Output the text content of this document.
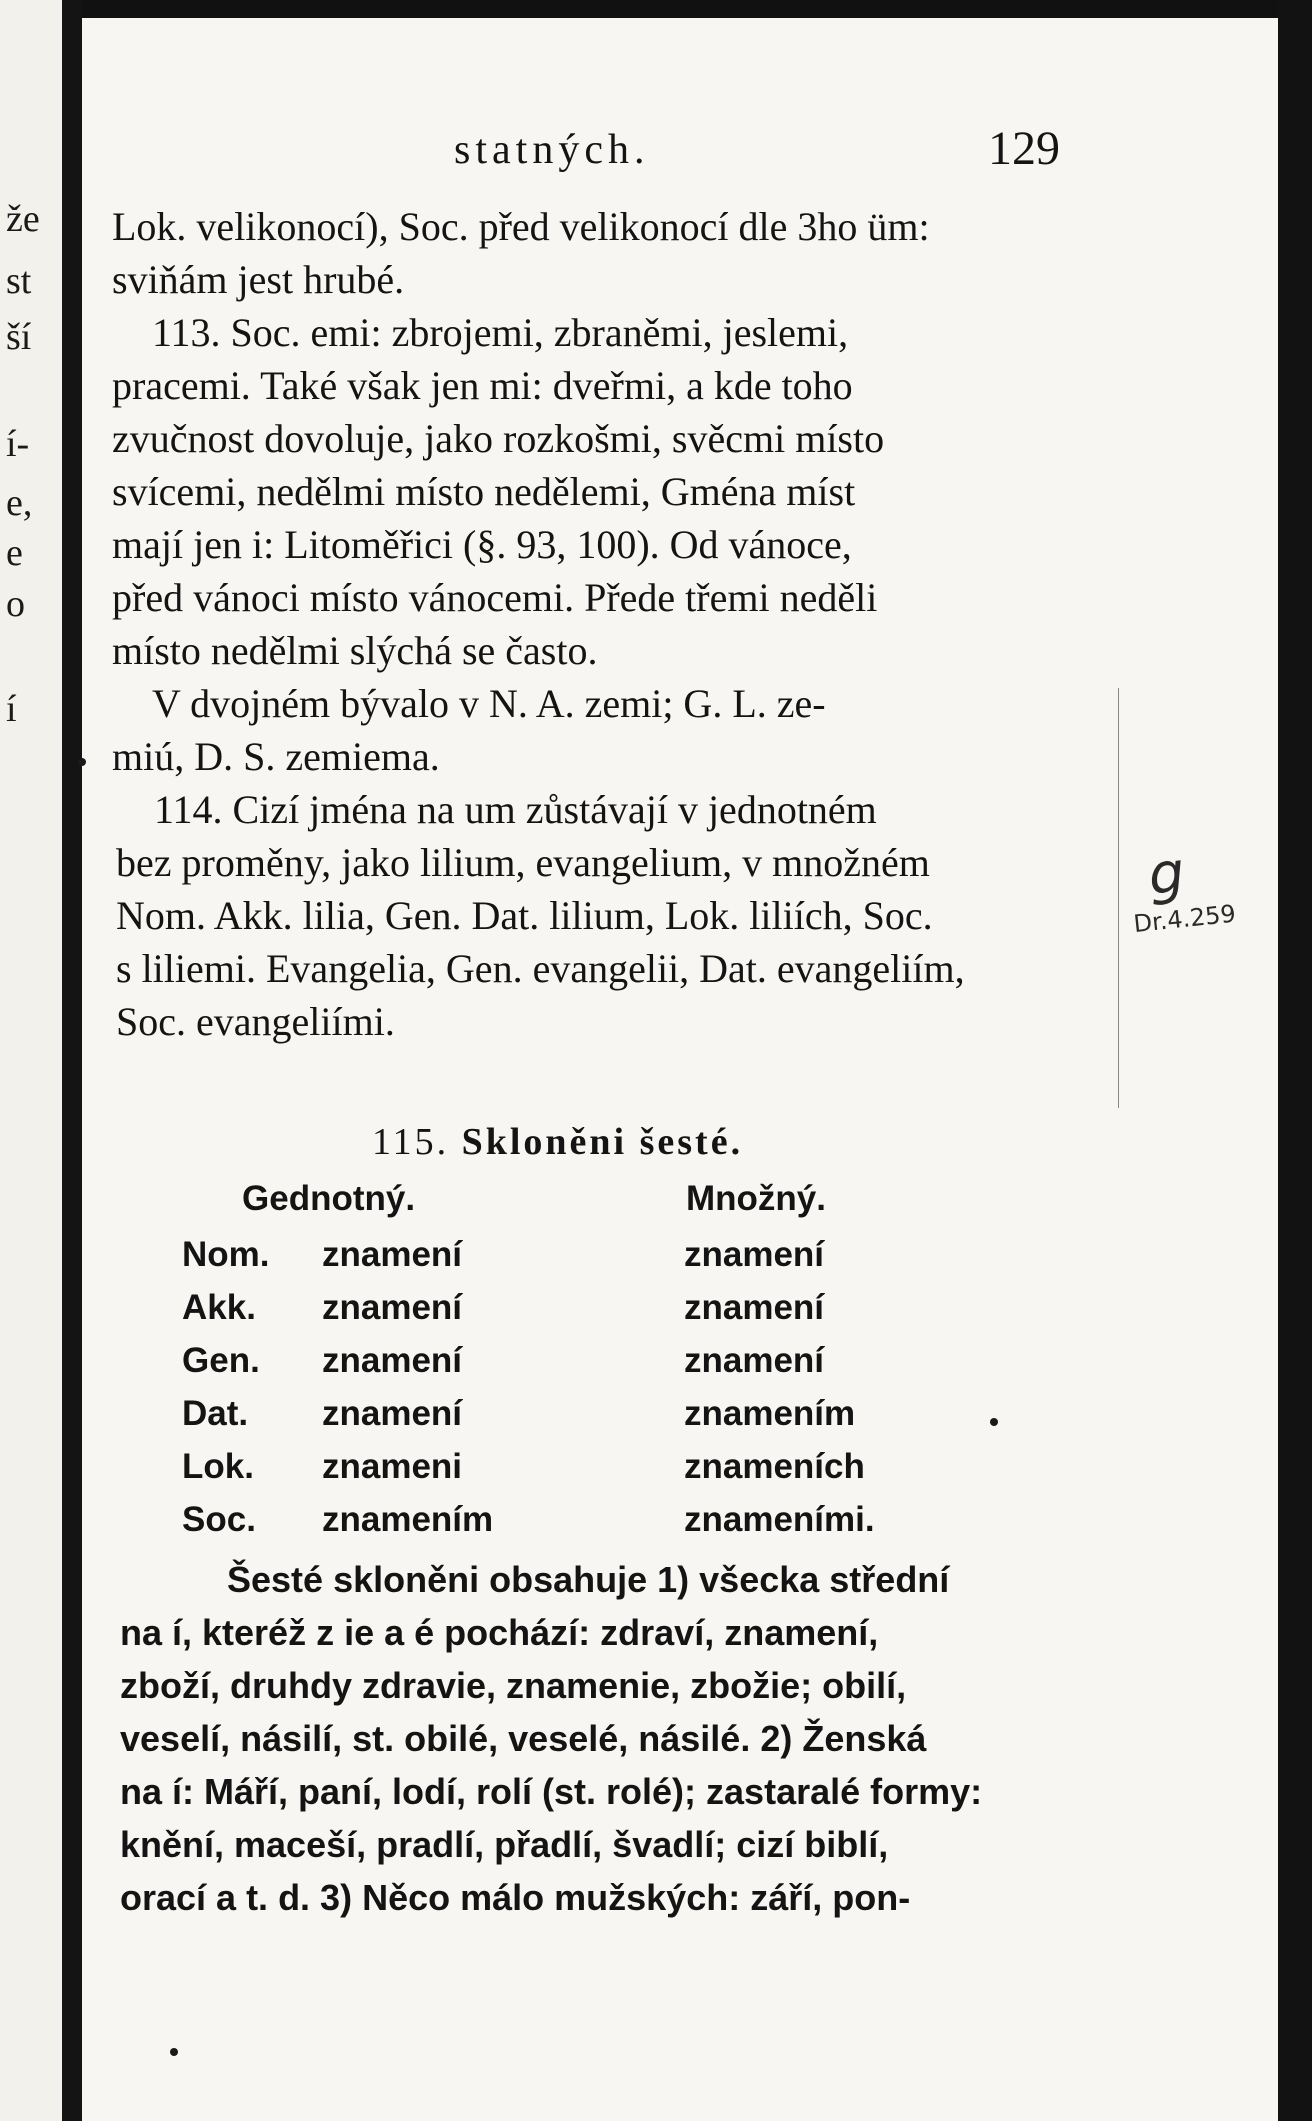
že
st
ší
í-
e,
e
o
í
statných.	129
Lok. velikonocí), Soc. před velikonocí dle 3ho üm:
sviňám jest hrubé.
113. Soc. emi: zbrojemi, zbraněmi, jeslemi,
pracemi. Také však jen mi: dveřmi, a kde toho
zvučnost dovoluje, jako rozkošmi, svěcmi místo
svícemi, nedělmi místo nedělemi, Gména míst
mají jen i: Litoměřici (§. 93, 100). Od vánoce,
před vánoci místo vánocemi. Přede třemi neděli
místo nedělmi slýchá se často.
V dvojném bývalo v N. A. zemi; G. L. ze-
miú, D. S. zemiema.
114. Cizí jména na um zůstávají v jednotném
bez proměny, jako lilium, evangelium, v množném
Nom. Akk. lilia, Gen. Dat. lilium, Lok. liliích, Soc.
s liliemi. Evangelia, Gen. evangelii, Dat. evangeliím,
Soc. evangeliími.
115. Skloněni šesté.
Gednotný.		Množný.
Nom.	znamení	znamení
Akk.	znamení	znamení
Gen.	znamení	znamení
Dat.	znamení	znamením
Lok.	znameni	znameních
Soc.	znamením	znameními.
Šesté skloněni obsahuje 1) všecka střední
na í, kteréž z ie a é pochází: zdraví, znamení,
zboží, druhdy zdravie, znamenie, zbožie; obilí,
veselí, násilí, st. obilé, veselé, násilé. 2) Ženská
na í: Máří, paní, lodí, rolí (st. rolé); zastaralé formy:
knění, maceší, pradlí, přadlí, švadlí; cizí biblí,
orací a t. d. 3) Něco málo mužských: září, pon-
g
Dr.4.259
